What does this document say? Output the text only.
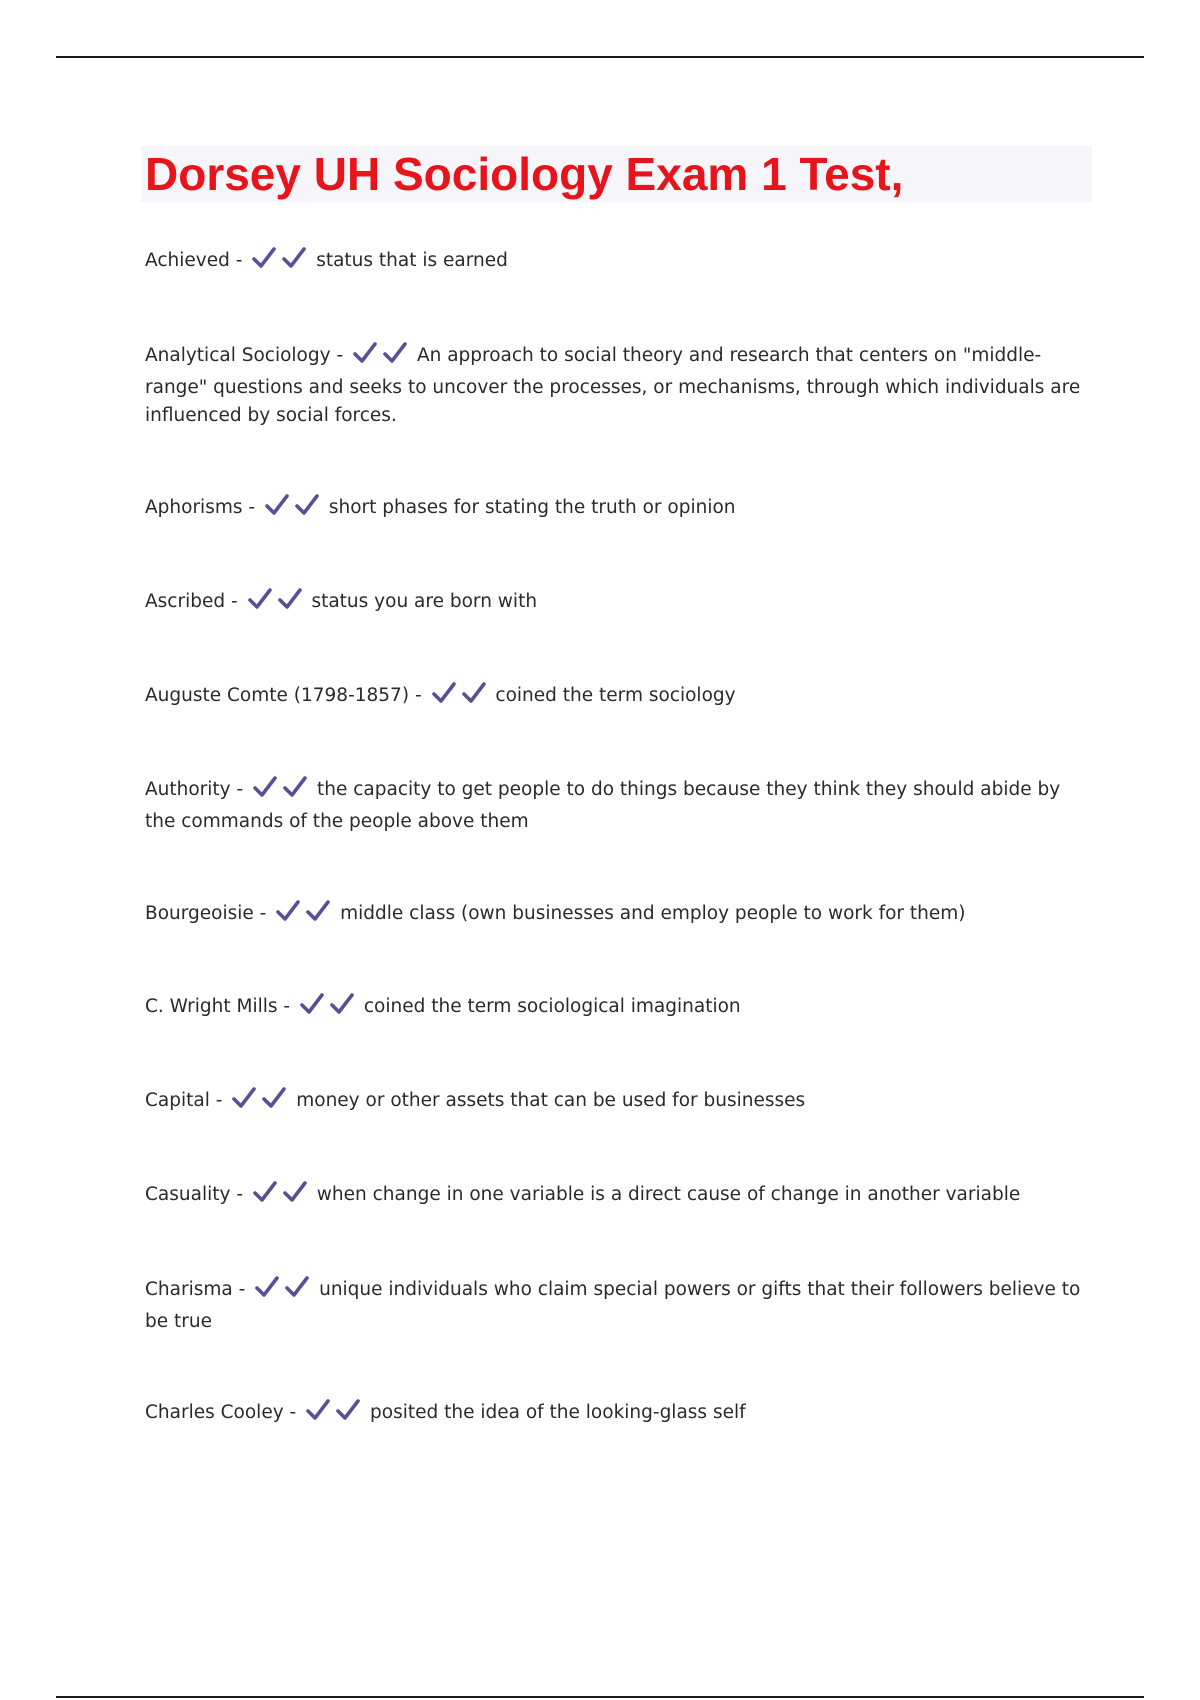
Dorsey UH Sociology Exam 1 Test,
Achieved -	status that is earned
Analytical Sociology -	An approach to social theory and research that centers on "middle-range" questions and seeks to uncover the processes, or mechanisms, through which individuals are influenced by social forces.
Aphorisms -	short phases for stating the truth or opinion
Ascribed -	status you are born with
Auguste Comte (1798-1857) -	coined the term sociology
Authority -	the capacity to get people to do things because they think they should abide by the commands of the people above them
Bourgeoisie -	middle class (own businesses and employ people to work for them)
C. Wright Mills -	coined the term sociological imagination
Capital -	money or other assets that can be used for businesses
Casuality -	when change in one variable is a direct cause of change in another variable
Charisma -	unique individuals who claim special powers or gifts that their followers believe to be true
Charles Cooley -	posited the idea of the looking-glass self
